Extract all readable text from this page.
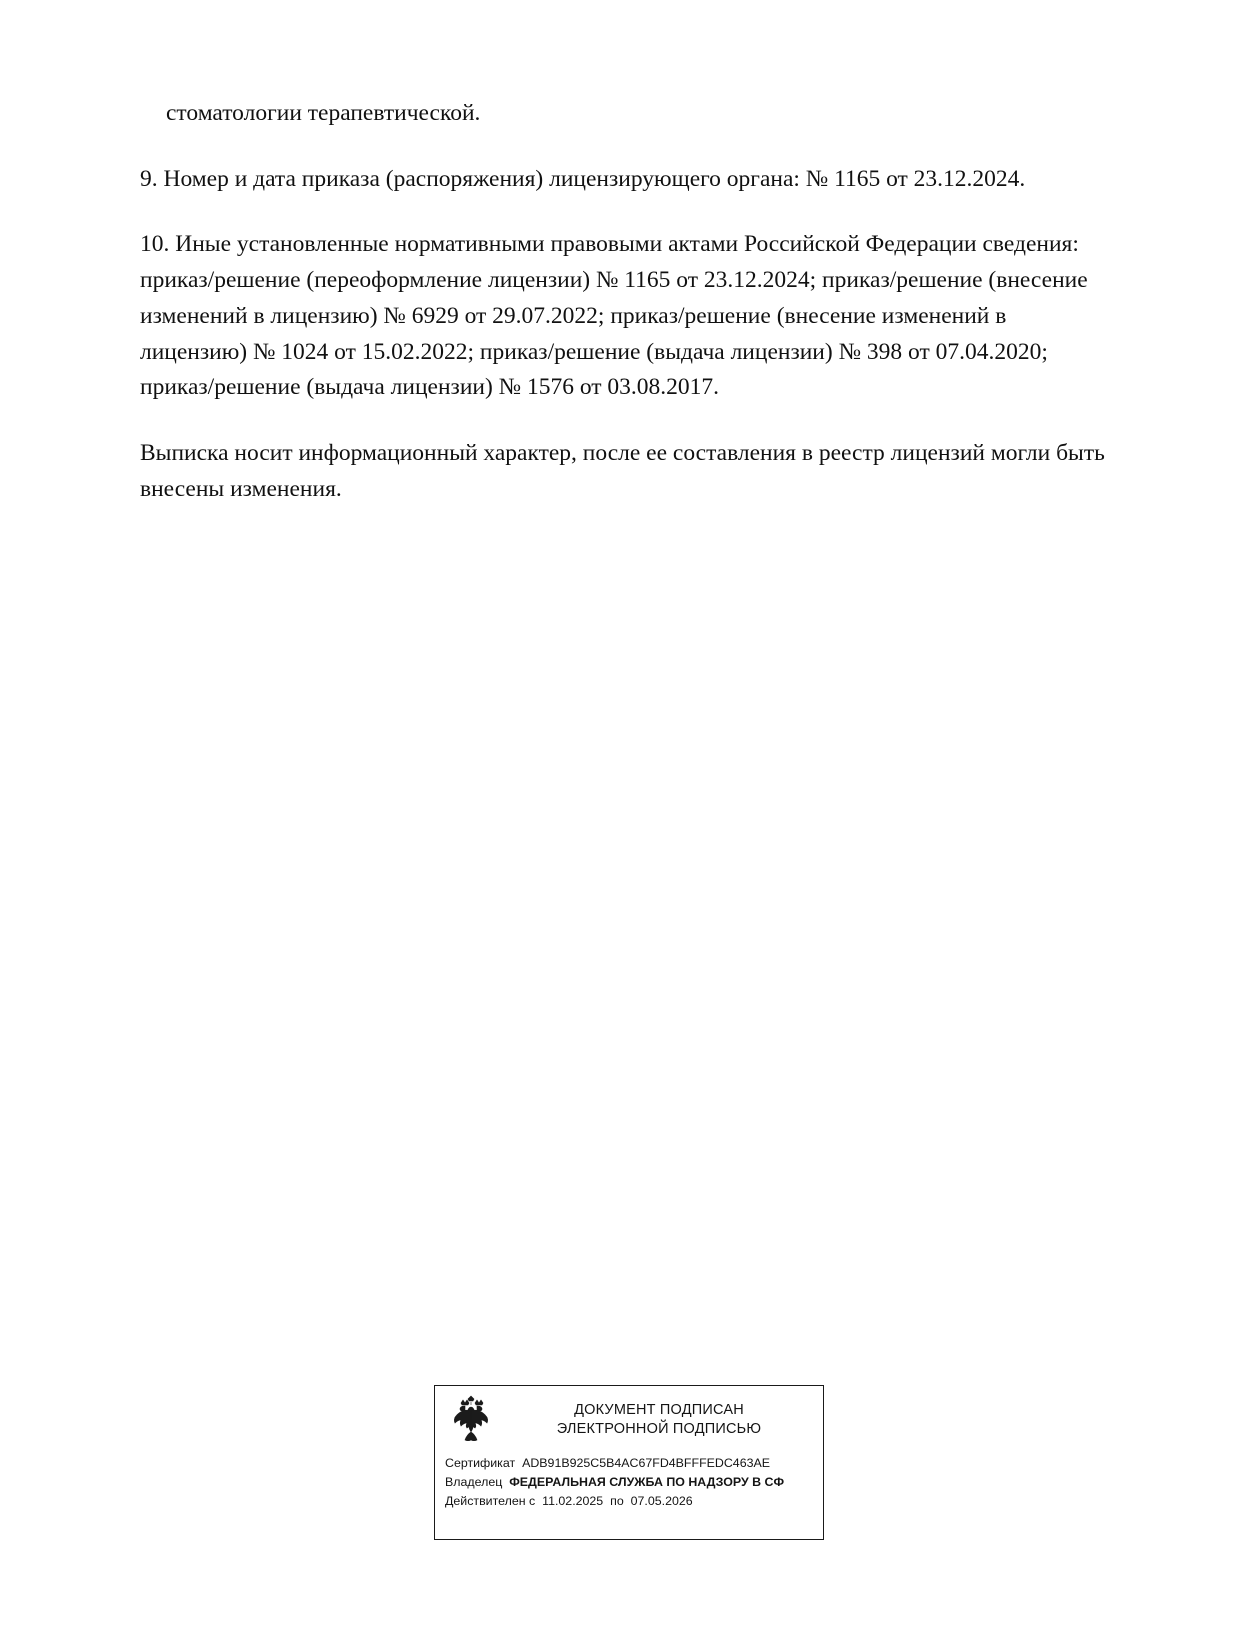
стоматологии терапевтической.

9. Номер и дата приказа (распоряжения) лицензирующего органа: № 1165 от 23.12.2024.

10. Иные установленные нормативными правовыми актами Российской Федерации сведения: приказ/решение (переоформление лицензии) № 1165 от 23.12.2024; приказ/решение (внесение изменений в лицензию) № 6929 от 29.07.2022; приказ/решение (внесение изменений в лицензию) № 1024 от 15.02.2022; приказ/решение (выдача лицензии) № 398 от 07.04.2020; приказ/решение (выдача лицензии) № 1576 от 03.08.2017.

Выписка носит информационный характер, после ее составления в реестр лицензий могли быть внесены изменения.

ДОКУМЕНТ ПОДПИСАН
ЭЛЕКТРОННОЙ ПОДПИСЬЮ
Сертификат ADB91B925C5B4AC67FD4BFFFEDC463AE
Владелец ФЕДЕРАЛЬНАЯ СЛУЖБА ПО НАДЗОРУ В СФ
Действителен с 11.02.2025 по 07.05.2026
